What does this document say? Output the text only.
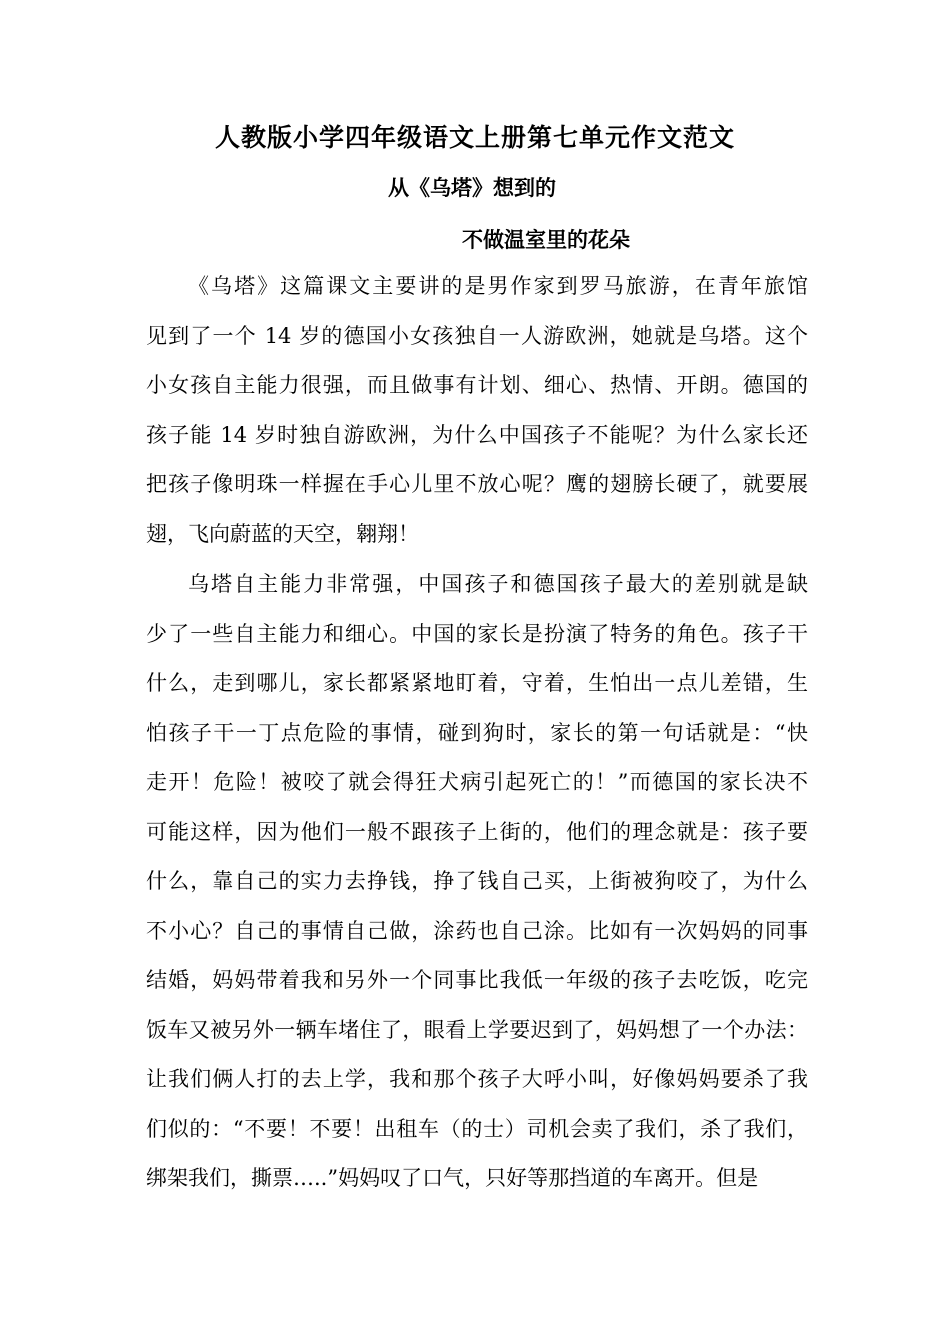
人教版小学四年级语文上册第七单元作文范文
从《乌塔》想到的
不做温室里的花朵

《乌塔》这篇课文主要讲的是男作家到罗马旅游，在青年旅馆
见到了一个 14 岁的德国小女孩独自一人游欧洲，她就是乌塔。这个
小女孩自主能力很强，而且做事有计划、细心、热情、开朗。德国的
孩子能 14 岁时独自游欧洲，为什么中国孩子不能呢？为什么家长还
把孩子像明珠一样握在手心儿里不放心呢？鹰的翅膀长硬了，就要展
翅，飞向蔚蓝的天空，翱翔！

乌塔自主能力非常强，中国孩子和德国孩子最大的差别就是缺
少了一些自主能力和细心。中国的家长是扮演了特务的角色。孩子干
什么，走到哪儿，家长都紧紧地盯着，守着，生怕出一点儿差错，生
怕孩子干一丁点危险的事情，碰到狗时，家长的第一句话就是：“快
走开！危险！被咬了就会得狂犬病引起死亡的！”而德国的家长决不
可能这样，因为他们一般不跟孩子上街的，他们的理念就是：孩子要
什么，靠自己的实力去挣钱，挣了钱自己买，上街被狗咬了，为什么
不小心？自己的事情自己做，涂药也自己涂。比如有一次妈妈的同事
结婚，妈妈带着我和另外一个同事比我低一年级的孩子去吃饭，吃完
饭车又被另外一辆车堵住了，眼看上学要迟到了，妈妈想了一个办法：
让我们俩人打的去上学，我和那个孩子大呼小叫，好像妈妈要杀了我
们似的：“不要！不要！出租车（的士）司机会卖了我们，杀了我们，
绑架我们，撕票…..”妈妈叹了口气，只好等那挡道的车离开。但是
